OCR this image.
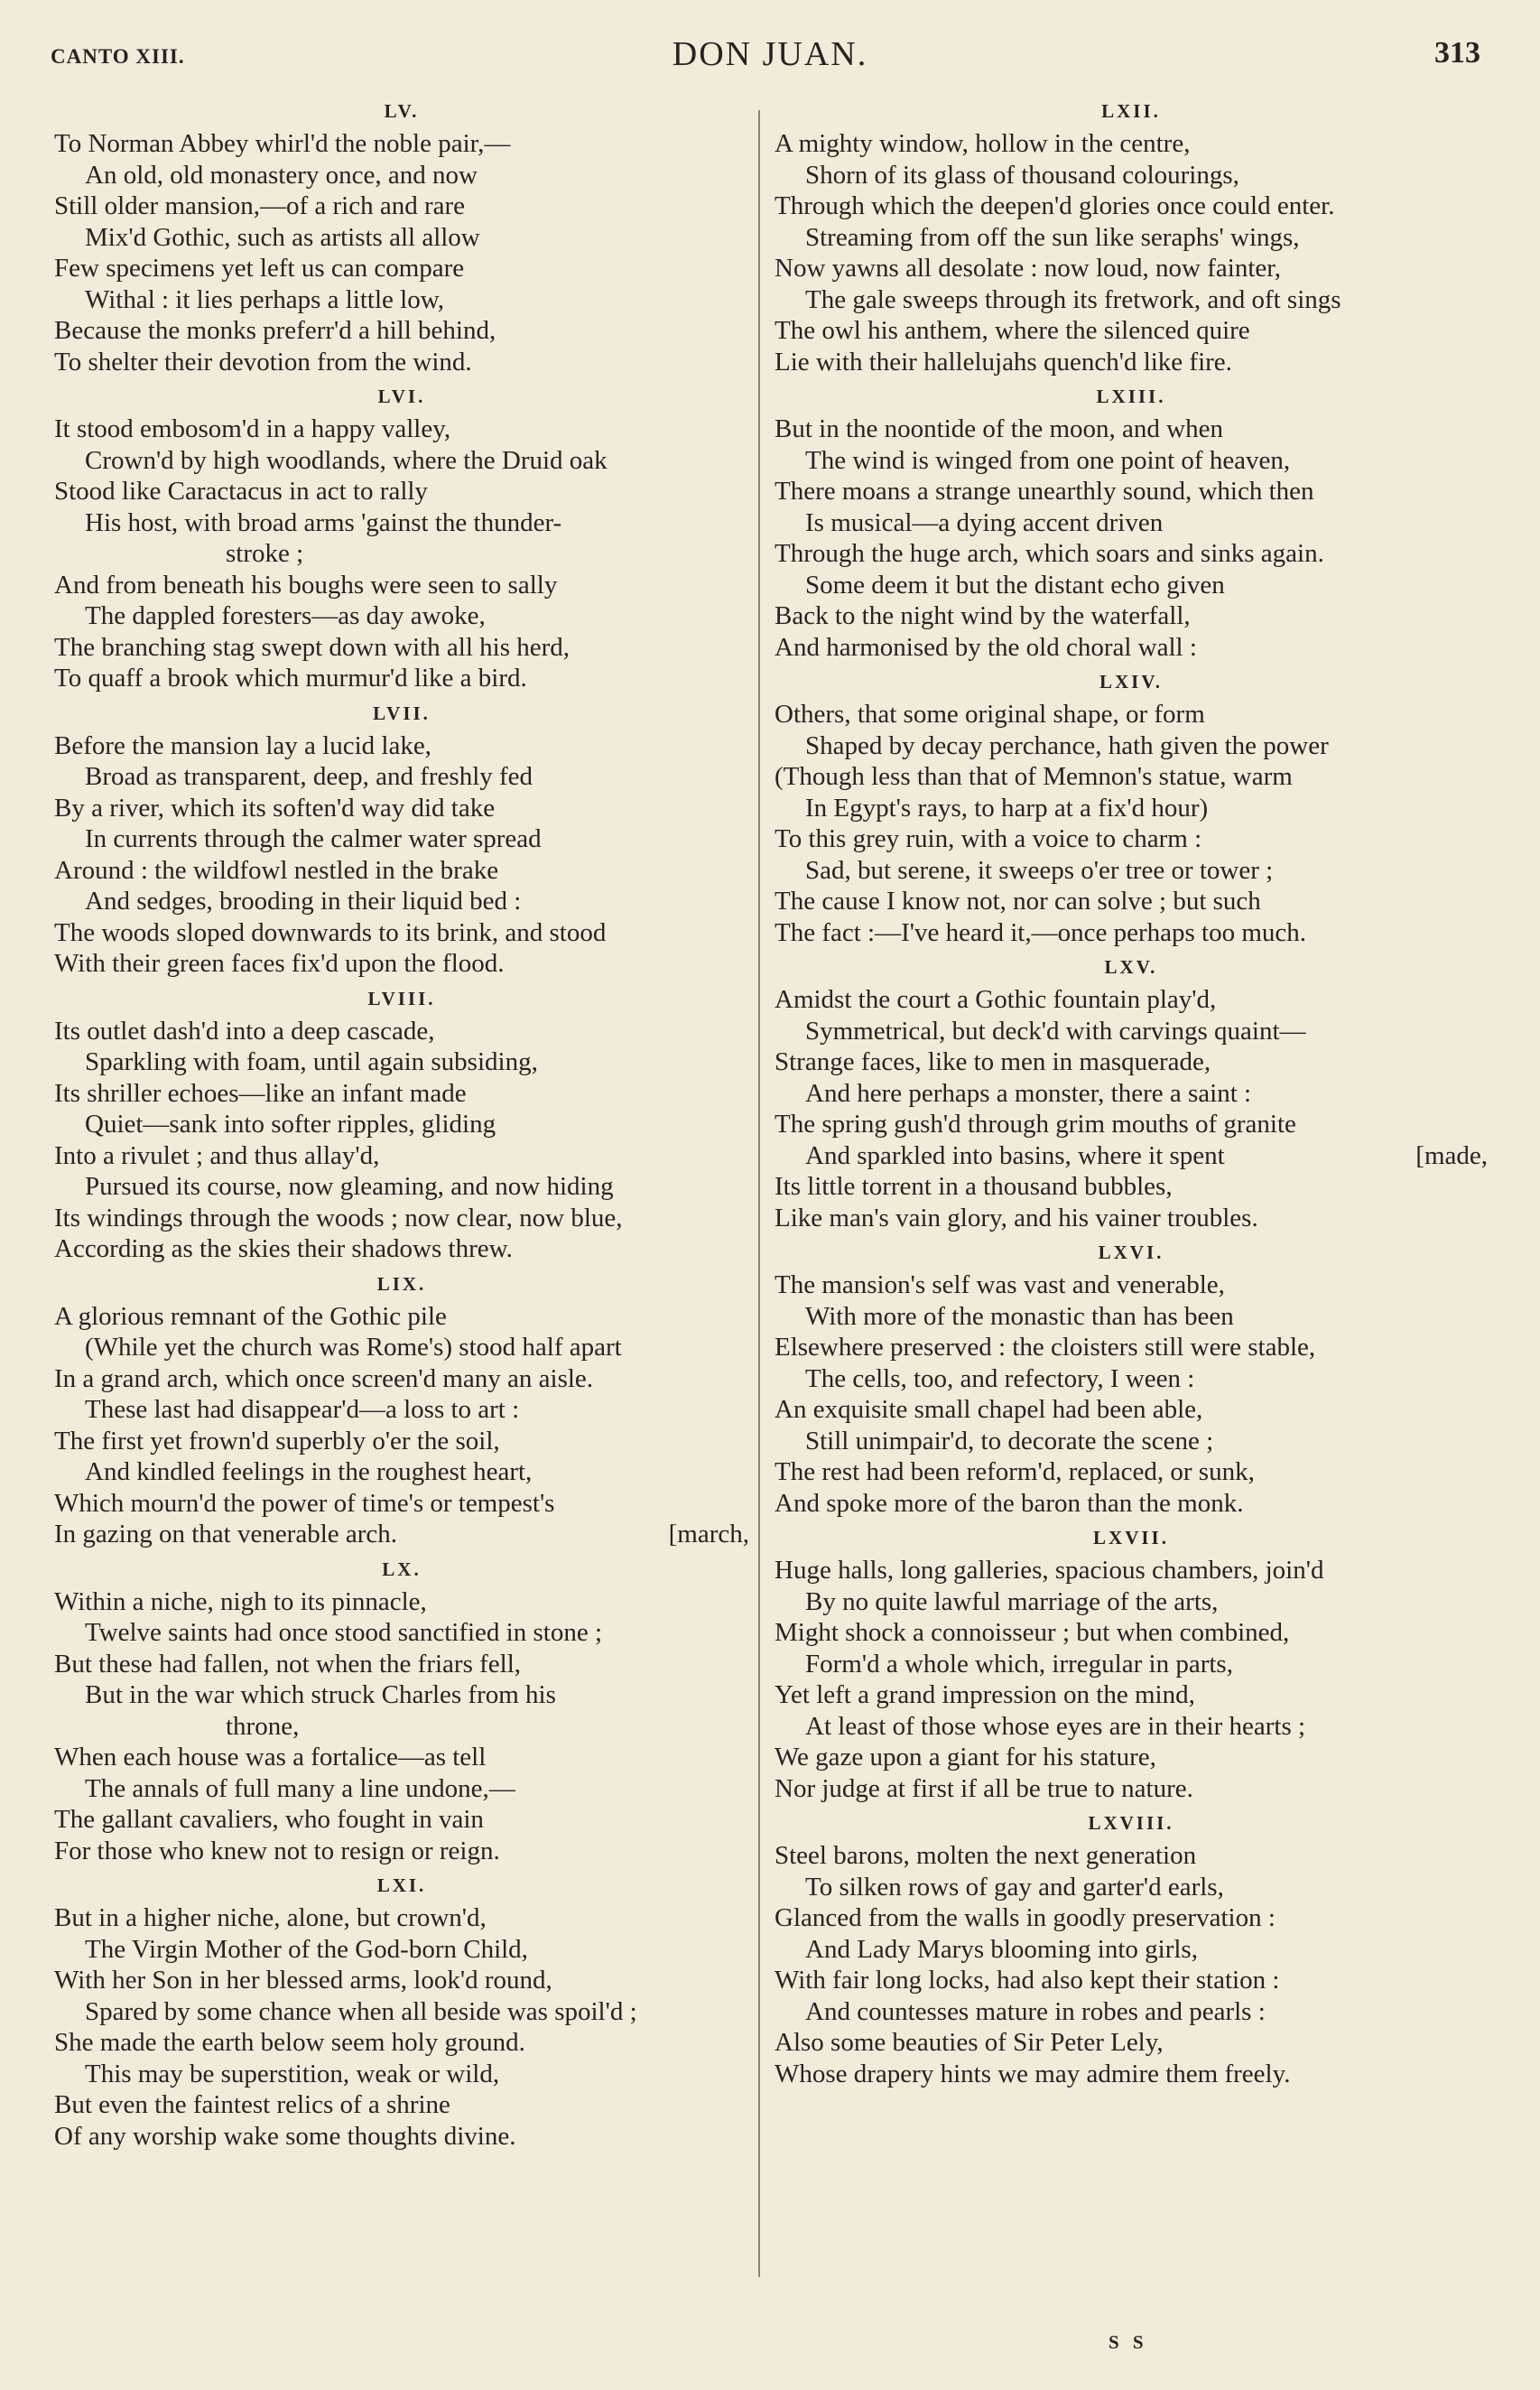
CANTO XIII.	DON JUAN.	313
LV.
To Norman Abbey whirl'd the noble pair,—
An old, old monastery once, and now
Still older mansion,—of a rich and rare
Mix'd Gothic, such as artists all allow
Few specimens yet left us can compare
Withal : it lies perhaps a little low,
Because the monks preferr'd a hill behind,
To shelter their devotion from the wind.
LVI.
It stood embosom'd in a happy valley,
Crown'd by high woodlands, where the Druid oak
Stood like Caractacus in act to rally
His host, with broad arms 'gainst the thunder-
stroke ;
And from beneath his boughs were seen to sally
The dappled foresters—as day awoke,
The branching stag swept down with all his herd,
To quaff a brook which murmur'd like a bird.
LVII.
Before the mansion lay a lucid lake,
Broad as transparent, deep, and freshly fed
By a river, which its soften'd way did take
In currents through the calmer water spread
Around : the wildfowl nestled in the brake
And sedges, brooding in their liquid bed :
The woods sloped downwards to its brink, and stood
With their green faces fix'd upon the flood.
LVIII.
Its outlet dash'd into a deep cascade,
Sparkling with foam, until again subsiding,
Its shriller echoes—like an infant made
Quiet—sank into softer ripples, gliding
Into a rivulet ; and thus allay'd,
Pursued its course, now gleaming, and now hiding
Its windings through the woods ; now clear, now blue,
According as the skies their shadows threw.
LIX.
A glorious remnant of the Gothic pile
(While yet the church was Rome's) stood half apart
In a grand arch, which once screen'd many an aisle.
These last had disappear'd—a loss to art :
The first yet frown'd superbly o'er the soil,
And kindled feelings in the roughest heart,
Which mourn'd the power of time's or tempest's
In gazing on that venerable arch.	[march,
LX.
Within a niche, nigh to its pinnacle,
Twelve saints had once stood sanctified in stone ;
But these had fallen, not when the friars fell,
But in the war which struck Charles from his
throne,
When each house was a fortalice—as tell
The annals of full many a line undone,—
The gallant cavaliers, who fought in vain
For those who knew not to resign or reign.
LXI.
But in a higher niche, alone, but crown'd,
The Virgin Mother of the God-born Child,
With her Son in her blessed arms, look'd round,
Spared by some chance when all beside was spoil'd ;
She made the earth below seem holy ground.
This may be superstition, weak or wild,
But even the faintest relics of a shrine
Of any worship wake some thoughts divine.
LXII.
A mighty window, hollow in the centre,
Shorn of its glass of thousand colourings,
Through which the deepen'd glories once could enter.
Streaming from off the sun like seraphs' wings,
Now yawns all desolate : now loud, now fainter,
The gale sweeps through its fretwork, and oft sings
The owl his anthem, where the silenced quire
Lie with their hallelujahs quench'd like fire.
LXIII.
But in the noontide of the moon, and when
The wind is winged from one point of heaven,
There moans a strange unearthly sound, which then
Is musical—a dying accent driven
Through the huge arch, which soars and sinks again.
Some deem it but the distant echo given
Back to the night wind by the waterfall,
And harmonised by the old choral wall :
LXIV.
Others, that some original shape, or form
Shaped by decay perchance, hath given the power
(Though less than that of Memnon's statue, warm
In Egypt's rays, to harp at a fix'd hour)
To this grey ruin, with a voice to charm :
Sad, but serene, it sweeps o'er tree or tower ;
The cause I know not, nor can solve ; but such
The fact :—I've heard it,—once perhaps too much.
LXV.
Amidst the court a Gothic fountain play'd,
Symmetrical, but deck'd with carvings quaint—
Strange faces, like to men in masquerade,
And here perhaps a monster, there a saint :
The spring gush'd through grim mouths of granite
And sparkled into basins, where it spent	[made,
Its little torrent in a thousand bubbles,
Like man's vain glory, and his vainer troubles.
LXVI.
The mansion's self was vast and venerable,
With more of the monastic than has been
Elsewhere preserved : the cloisters still were stable,
The cells, too, and refectory, I ween :
An exquisite small chapel had been able,
Still unimpair'd, to decorate the scene ;
The rest had been reform'd, replaced, or sunk,
And spoke more of the baron than the monk.
LXVII.
Huge halls, long galleries, spacious chambers, join'd
By no quite lawful marriage of the arts,
Might shock a connoisseur ; but when combined,
Form'd a whole which, irregular in parts,
Yet left a grand impression on the mind,
At least of those whose eyes are in their hearts ;
We gaze upon a giant for his stature,
Nor judge at first if all be true to nature.
LXVIII.
Steel barons, molten the next generation
To silken rows of gay and garter'd earls,
Glanced from the walls in goodly preservation :
And Lady Marys blooming into girls,
With fair long locks, had also kept their station :
And countesses mature in robes and pearls :
Also some beauties of Sir Peter Lely,
Whose drapery hints we may admire them freely.
S S
